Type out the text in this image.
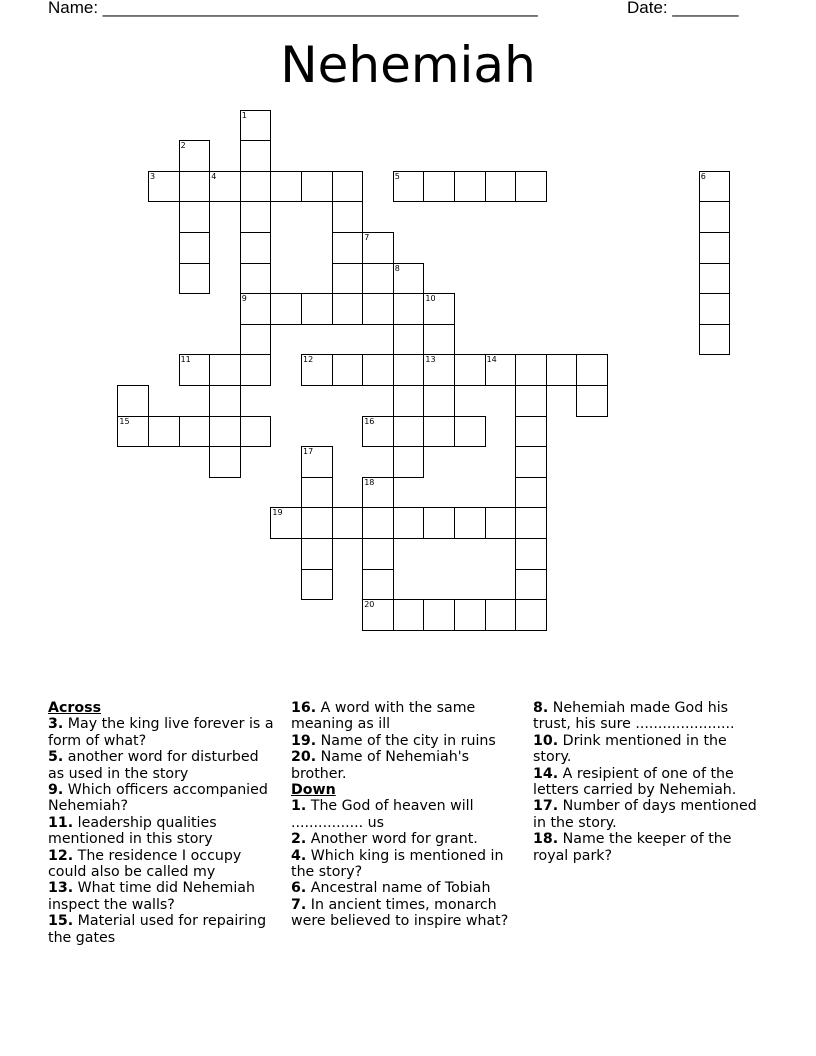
Name: ______________________________________________	Date: _______
Nehemiah
1
2
3	4	5	6
7
8
9	10
11	12	13	14
15	16
17
18
19
20
Across
3. May the king live forever is a form of what?
5. another word for disturbed as used in the story
9. Which officers accompanied Nehemiah?
11. leadership qualities mentioned in this story
12. The residence I occupy could also be called my
13. What time did Nehemiah inspect the walls?
15. Material used for repairing the gates
16. A word with the same meaning as ill
19. Name of the city in ruins
20. Name of Nehemiah's brother.
Down
1. The God of heaven will ................ us
2. Another word for grant.
4. Which king is mentioned in the story?
6. Ancestral name of Tobiah
7. In ancient times, monarch were believed to inspire what?
8. Nehemiah made God his trust, his sure ......................
10. Drink mentioned in the story.
14. A resipient of one of the letters carried by Nehemiah.
17. Number of days mentioned in the story.
18. Name the keeper of the royal park?
